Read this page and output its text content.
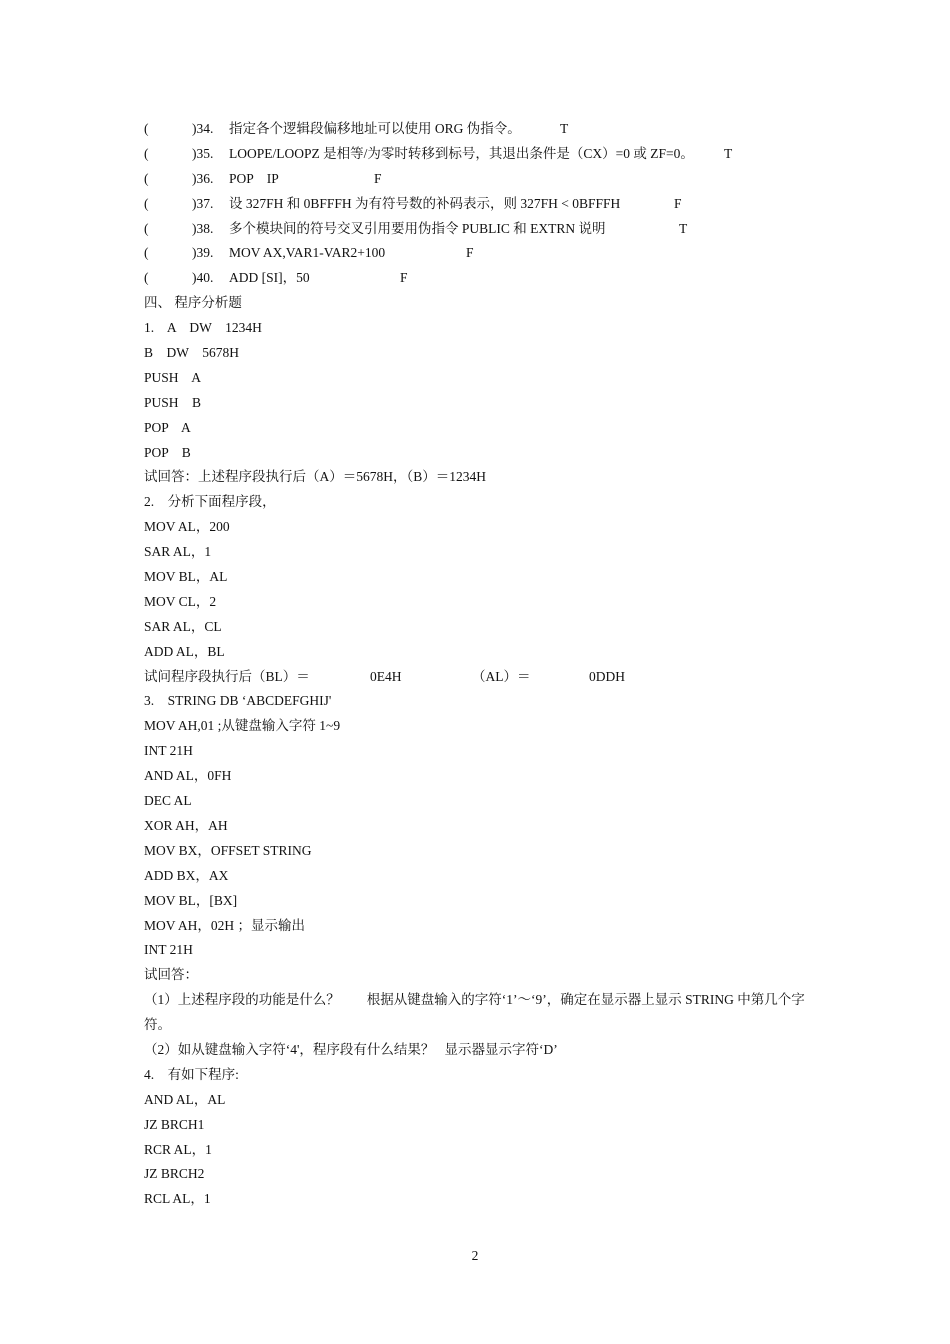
(	)34. 指定各个逻辑段偏移地址可以使用 ORG 伪指令。	T
(	)35. LOOPE/LOOPZ 是相等/为零时转移到标号，其退出条件是（CX）=0 或 ZF=0。 T
(	)36. POP    IP	F
(	)37. 设 327FH 和 0BFFFH 为有符号数的补码表示，则 327FH < 0BFFFH	F
(	)38. 多个模块间的符号交叉引用要用伪指令 PUBLIC 和 EXTRN 说明	T
(	)39. MOV AX,VAR1-VAR2+100	F
(	)40. ADD [SI]，50	F
四、 程序分析题
1.    A    DW    1234H
B    DW    5678H
PUSH    A
PUSH    B
POP    A
POP    B
试回答：上述程序段执行后（A）＝5678H，（B）＝1234H
2.    分析下面程序段，
MOV AL，200
SAR AL，1
MOV BL，AL
MOV CL，2
SAR AL，CL
ADD AL，BL
试问程序段执行后（BL）＝	0E4H	（AL）＝	0DDH
3.    STRING DB ‘ABCDEFGHIJ'
MOV AH,01 ;从键盘输入字符 1~9
INT 21H
AND AL，0FH
DEC AL
XOR AH，AH
MOV BX，OFFSET STRING
ADD BX，AX
MOV BL，[BX]
MOV AH，02H ；显示输出
INT 21H
试回答：
（1）上述程序段的功能是什么？        根据从键盘输入的字符‘1’～‘9’，确定在显示器上显示 STRING 中第几个字符。
（2）如从键盘输入字符‘4'，程序段有什么结果？   显示器显示字符‘D’
4.    有如下程序:
AND AL，AL
JZ BRCH1
RCR AL，1
JZ BRCH2
RCL AL，1
2
